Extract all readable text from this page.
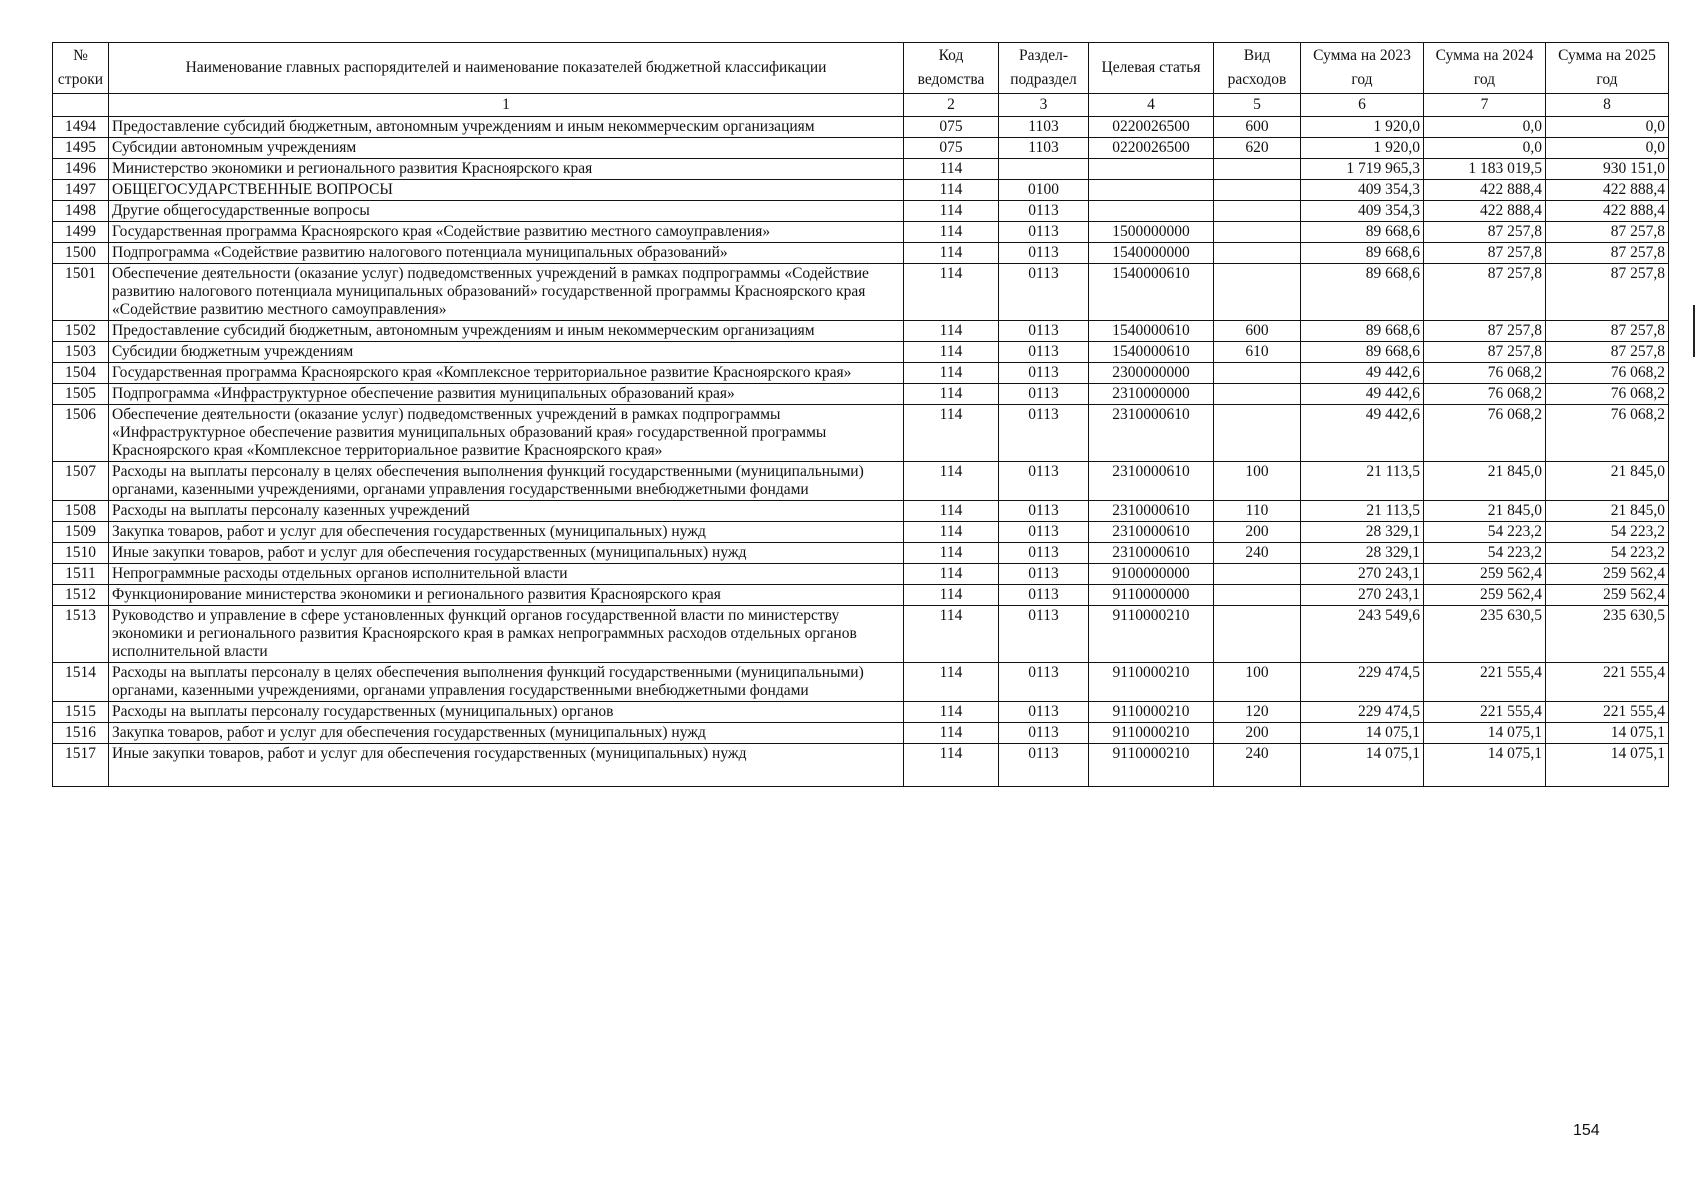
№ строки	Наименование главных распорядителей и наименование показателей бюджетной классификации	Код ведомства	Раздел-подраздел	Целевая статья	Вид расходов	Сумма на 2023 год	Сумма на 2024 год	Сумма на 2025 год
	1	2	3	4	5	6	7	8
1494	Предоставление субсидий бюджетным, автономным учреждениям и иным некоммерческим организациям	075	1103	0220026500	600	1 920,0	0,0	0,0
1495	Субсидии автономным учреждениям	075	1103	0220026500	620	1 920,0	0,0	0,0
1496	Министерство экономики и регионального развития Красноярского края	114				1 719 965,3	1 183 019,5	930 151,0
1497	ОБЩЕГОСУДАРСТВЕННЫЕ ВОПРОСЫ	114	0100			409 354,3	422 888,4	422 888,4
1498	Другие общегосударственные вопросы	114	0113			409 354,3	422 888,4	422 888,4
1499	Государственная программа Красноярского края «Содействие развитию местного самоуправления»	114	0113	1500000000		89 668,6	87 257,8	87 257,8
1500	Подпрограмма «Содействие развитию налогового потенциала муниципальных образований»	114	0113	1540000000		89 668,6	87 257,8	87 257,8
1501	Обеспечение деятельности (оказание услуг) подведомственных учреждений в рамках подпрограммы «Содействие развитию налогового потенциала муниципальных образований» государственной программы Красноярского края «Содействие развитию местного самоуправления»	114	0113	1540000610		89 668,6	87 257,8	87 257,8
1502	Предоставление субсидий бюджетным, автономным учреждениям и иным некоммерческим организациям	114	0113	1540000610	600	89 668,6	87 257,8	87 257,8
1503	Субсидии бюджетным учреждениям	114	0113	1540000610	610	89 668,6	87 257,8	87 257,8
1504	Государственная программа Красноярского края «Комплексное территориальное развитие Красноярского края»	114	0113	2300000000		49 442,6	76 068,2	76 068,2
1505	Подпрограмма «Инфраструктурное обеспечение развития муниципальных образований края»	114	0113	2310000000		49 442,6	76 068,2	76 068,2
1506	Обеспечение деятельности (оказание услуг) подведомственных учреждений в рамках подпрограммы «Инфраструктурное обеспечение развития муниципальных образований края» государственной программы Красноярского края «Комплексное территориальное развитие Красноярского края»	114	0113	2310000610		49 442,6	76 068,2	76 068,2
1507	Расходы на выплаты персоналу в целях обеспечения выполнения функций государственными (муниципальными) органами, казенными учреждениями, органами управления государственными внебюджетными фондами	114	0113	2310000610	100	21 113,5	21 845,0	21 845,0
1508	Расходы на выплаты персоналу казенных учреждений	114	0113	2310000610	110	21 113,5	21 845,0	21 845,0
1509	Закупка товаров, работ и услуг для обеспечения государственных (муниципальных) нужд	114	0113	2310000610	200	28 329,1	54 223,2	54 223,2
1510	Иные закупки товаров, работ и услуг для обеспечения государственных (муниципальных) нужд	114	0113	2310000610	240	28 329,1	54 223,2	54 223,2
1511	Непрограммные расходы отдельных органов исполнительной власти	114	0113	9100000000		270 243,1	259 562,4	259 562,4
1512	Функционирование министерства экономики и регионального развития Красноярского края	114	0113	9110000000		270 243,1	259 562,4	259 562,4
1513	Руководство и управление в сфере установленных функций органов государственной власти по министерству экономики и регионального развития Красноярского края в рамках непрограммных расходов отдельных органов исполнительной власти	114	0113	9110000210		243 549,6	235 630,5	235 630,5
1514	Расходы на выплаты персоналу в целях обеспечения выполнения функций государственными (муниципальными) органами, казенными учреждениями, органами управления государственными внебюджетными фондами	114	0113	9110000210	100	229 474,5	221 555,4	221 555,4
1515	Расходы на выплаты персоналу государственных (муниципальных) органов	114	0113	9110000210	120	229 474,5	221 555,4	221 555,4
1516	Закупка товаров, работ и услуг для обеспечения государственных (муниципальных) нужд	114	0113	9110000210	200	14 075,1	14 075,1	14 075,1
1517	Иные закупки товаров, работ и услуг для обеспечения государственных (муниципальных) нужд	114	0113	9110000210	240	14 075,1	14 075,1	14 075,1
154
